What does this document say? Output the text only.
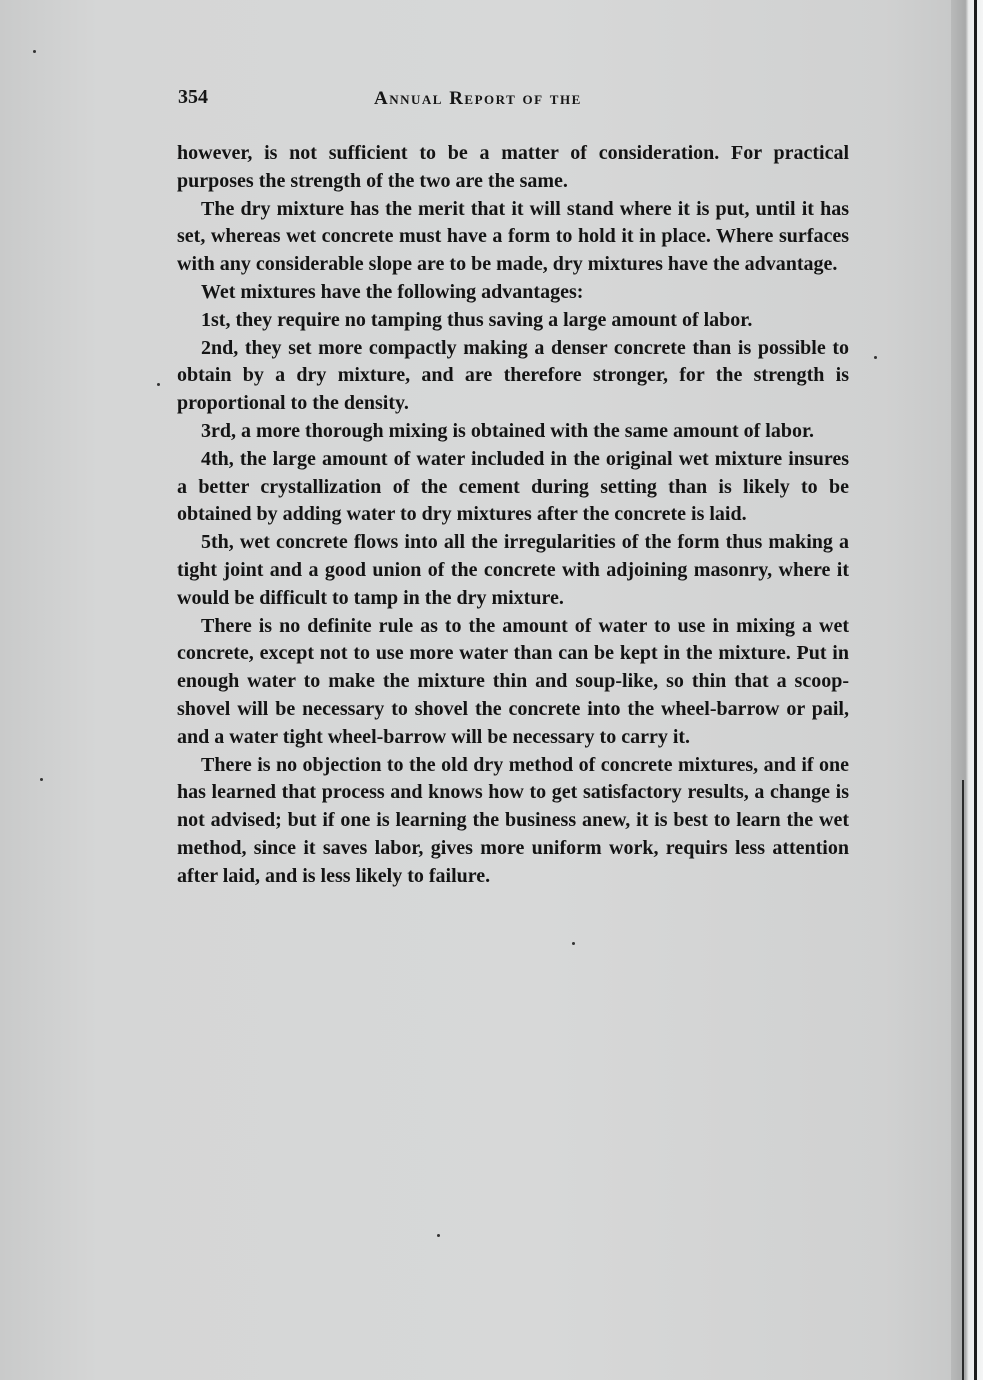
354	Annual Report of the

however, is not sufficient to be a matter of consideration. For practical purposes the strength of the two are the same.

The dry mixture has the merit that it will stand where it is put, until it has set, whereas wet concrete must have a form to hold it in place. Where surfaces with any considerable slope are to be made, dry mixtures have the advantage.

Wet mixtures have the following advantages:

1st, they require no tamping thus saving a large amount of labor.

2nd, they set more compactly making a denser concrete than is possible to obtain by a dry mixture, and are therefore stronger, for the strength is proportional to the density.

3rd, a more thorough mixing is obtained with the same amount of labor.

4th, the large amount of water included in the original wet mixture insures a better crystallization of the cement during setting than is likely to be obtained by adding water to dry mixtures after the concrete is laid.

5th, wet concrete flows into all the irregularities of the form thus making a tight joint and a good union of the concrete with adjoining masonry, where it would be difficult to tamp in the dry mixture.

There is no definite rule as to the amount of water to use in mixing a wet concrete, except not to use more water than can be kept in the mixture. Put in enough water to make the mixture thin and soup-like, so thin that a scoop-shovel will be necessary to shovel the concrete into the wheel-barrow or pail, and a water tight wheel-barrow will be necessary to carry it.

There is no objection to the old dry method of concrete mixtures, and if one has learned that process and knows how to get satisfactory results, a change is not advised; but if one is learning the business anew, it is best to learn the wet method, since it saves labor, gives more uniform work, requirs less attention after laid, and is less likely to failure.
